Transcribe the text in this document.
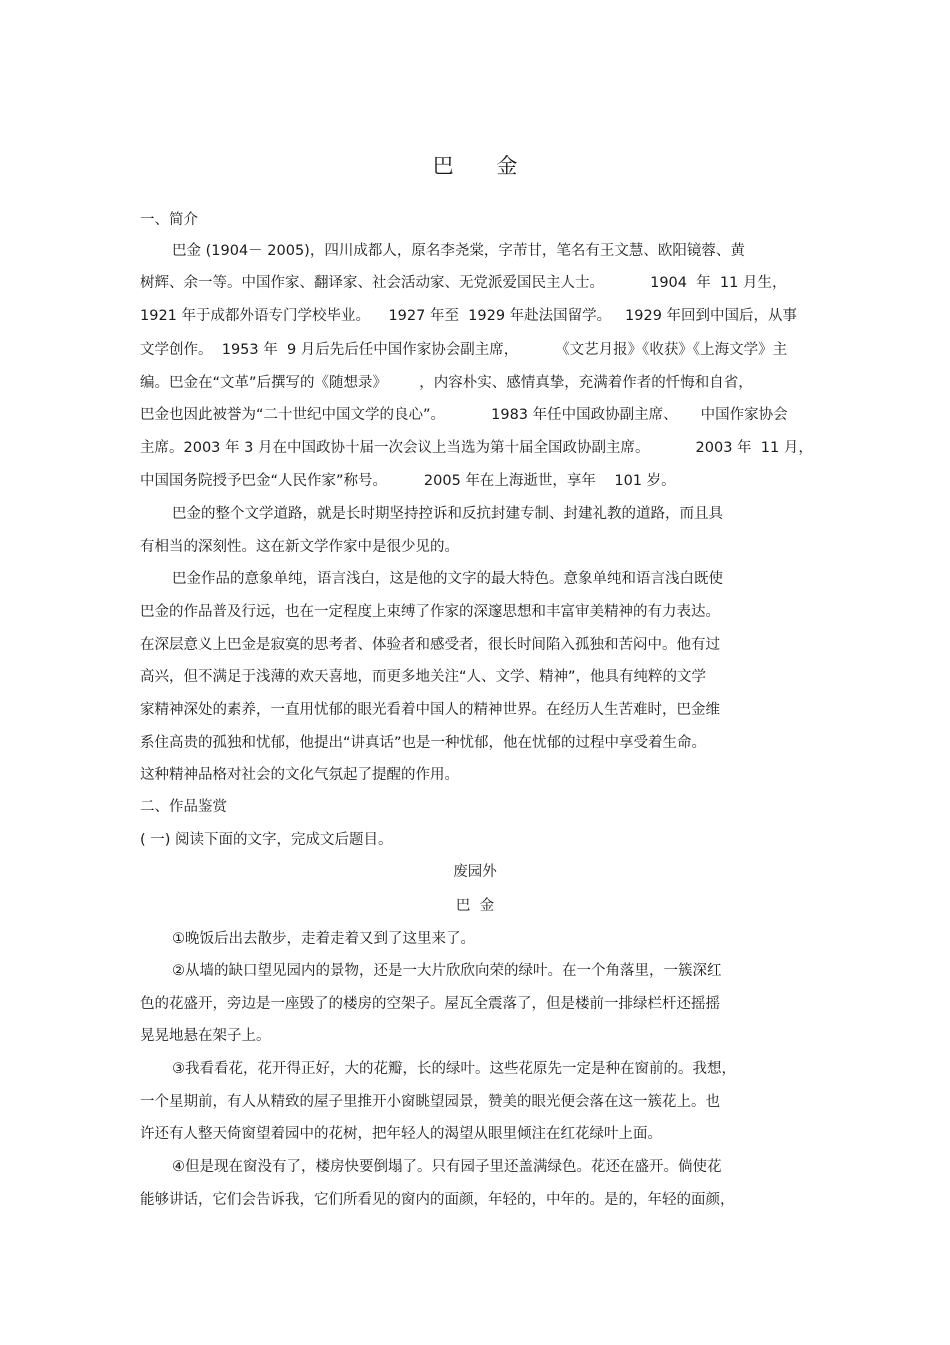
巴 金
一、简介
巴金 (1904－ 2005)，四川成都人，原名李尧棠，字芾甘，笔名有王文慧、欧阳镜蓉、黄
树辉、余一等。中国作家、翻译家、社会活动家、无党派爱国民主人士。          1904  年  11 月生，
1921 年于成都外语专门学校毕业。    1927 年至  1929 年赴法国留学。   1929 年回到中国后，从事
文学创作。  1953 年  9 月后先后任中国作家协会副主席，        《文艺月报》《收获》《上海文学》主
编。巴金在“文革”后撰写的《随想录》       ，内容朴实、感情真挚，充满着作者的忏悔和自省，
巴金也因此被誉为“二十世纪中国文学的良心”。          1983 年任中国政协副主席、     中国作家协会
主席。2003 年 3 月在中国政协十届一次会议上当选为第十届全国政协副主席。          2003 年  11 月，
中国国务院授予巴金“人民作家”称号。        2005 年在上海逝世，享年    101 岁。
巴金的整个文学道路，就是长时期坚持控诉和反抗封建专制、封建礼教的道路，而且具
有相当的深刻性。这在新文学作家中是很少见的。
巴金作品的意象单纯，语言浅白，这是他的文字的最大特色。意象单纯和语言浅白既使
巴金的作品普及行远，也在一定程度上束缚了作家的深邃思想和丰富审美精神的有力表达。
在深层意义上巴金是寂寞的思考者、体验者和感受者，很长时间陷入孤独和苦闷中。他有过
高兴，但不满足于浅薄的欢天喜地，而更多地关注“人、文学、精神”，他具有纯粹的文学
家精神深处的素养，一直用忧郁的眼光看着中国人的精神世界。在经历人生苦难时，巴金维
系住高贵的孤独和忧郁，他提出“讲真话”也是一种忧郁，他在忧郁的过程中享受着生命。
这种精神品格对社会的文化气氛起了提醒的作用。
二、作品鉴赏
( 一) 阅读下面的文字，完成文后题目。
废园外
巴  金
①晚饭后出去散步，走着走着又到了这里来了。
②从墙的缺口望见园内的景物，还是一大片欣欣向荣的绿叶。在一个角落里，一簇深红
色的花盛开，旁边是一座毁了的楼房的空架子。屋瓦全震落了，但是楼前一排绿栏杆还摇摇
晃晃地悬在架子上。
③我看看花，花开得正好，大的花瓣，长的绿叶。这些花原先一定是种在窗前的。我想，
一个星期前，有人从精致的屋子里推开小窗眺望园景，赞美的眼光便会落在这一簇花上。也
许还有人整天倚窗望着园中的花树，把年轻人的渴望从眼里倾注在红花绿叶上面。
④但是现在窗没有了，楼房快要倒塌了。只有园子里还盖满绿色。花还在盛开。倘使花
能够讲话，它们会告诉我，它们所看见的窗内的面颜，年轻的，中年的。是的，年轻的面颜，
